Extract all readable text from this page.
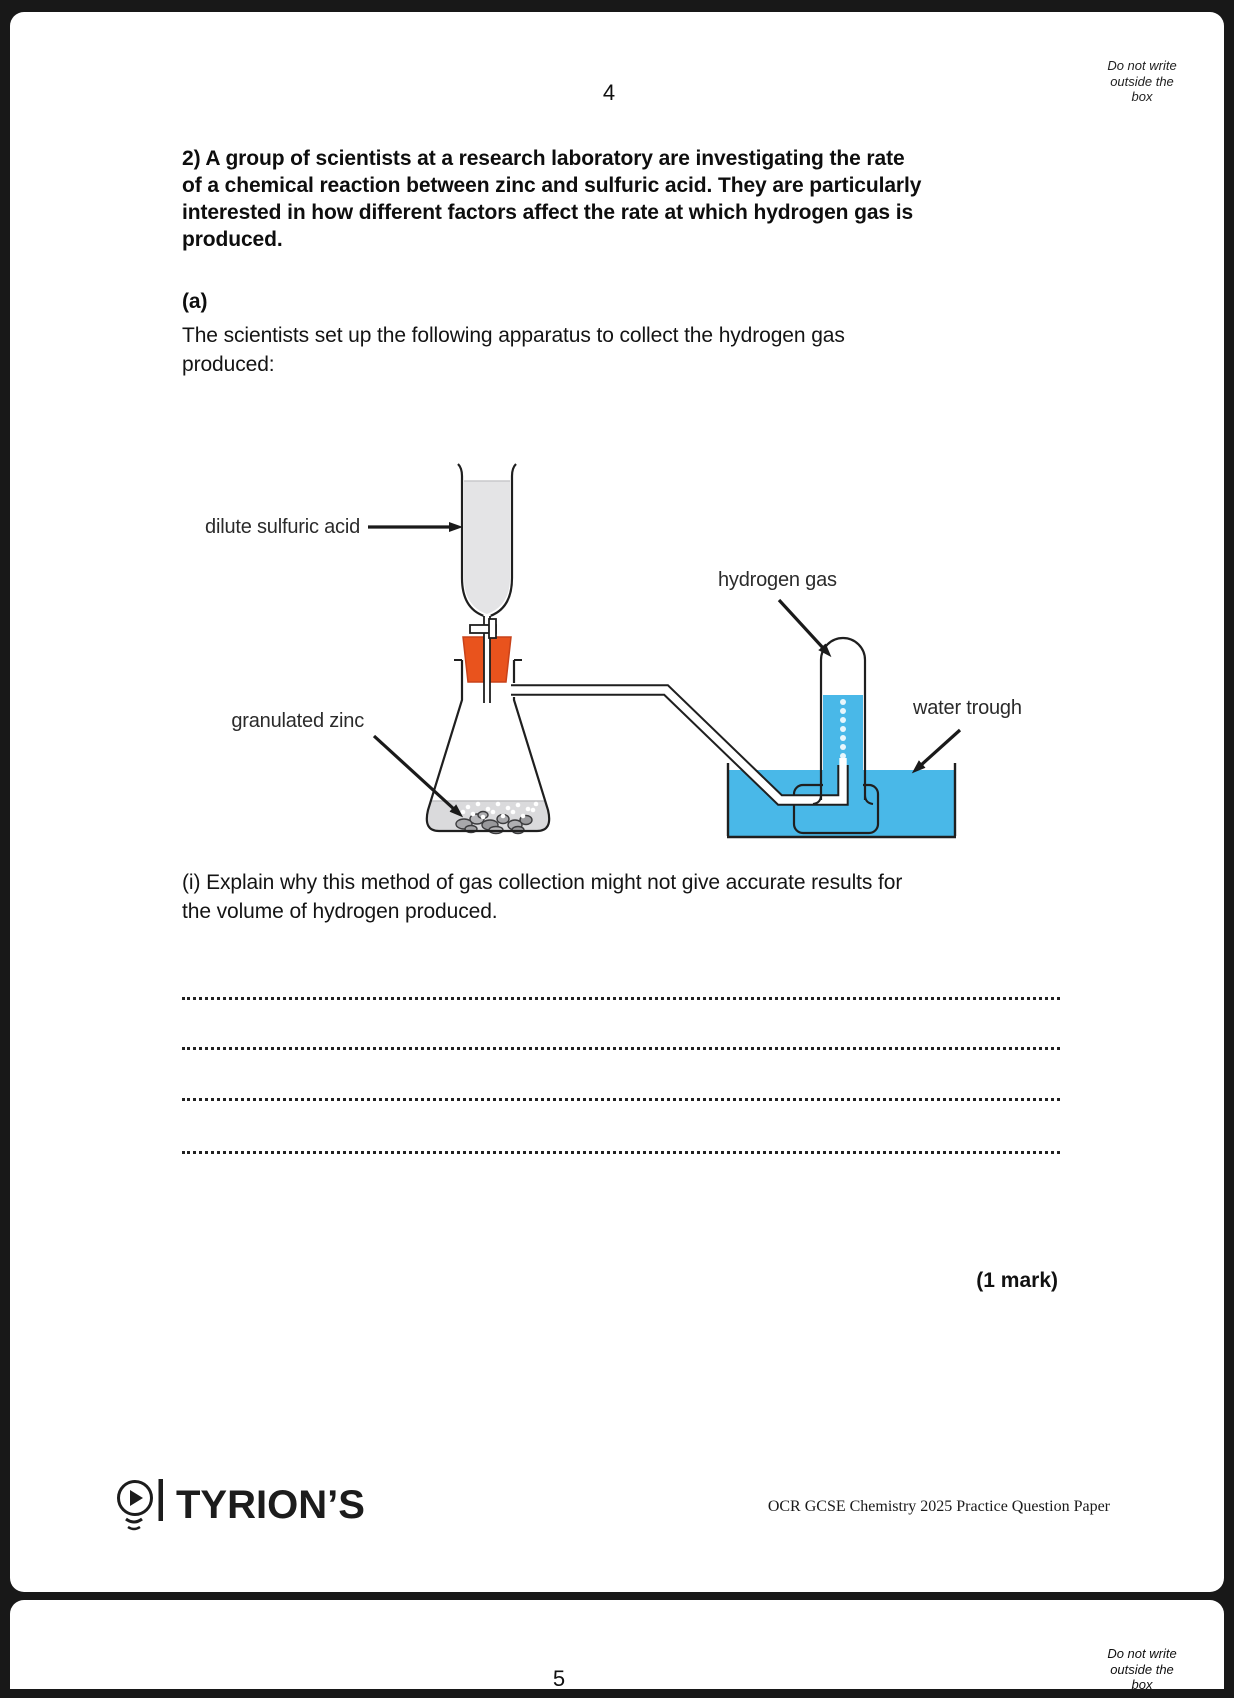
5
Do not write
outside the
box
Do not write
outside the
box
4
2) A group of scientists at a research laboratory are investigating the rate
of a chemical reaction between zinc and sulfuric acid. They are particularly
interested in how different factors affect the rate at which hydrogen gas is
produced.
(a)
The scientists set up the following apparatus to collect the hydrogen gas
produced:
dilute sulfuric acid
granulated zinc
hydrogen gas
water trough
(i) Explain why this method of gas collection might not give accurate results for
the volume of hydrogen produced.
(1 mark)
TYRION’S	OCR GCSE Chemistry 2025 Practice Question Paper
